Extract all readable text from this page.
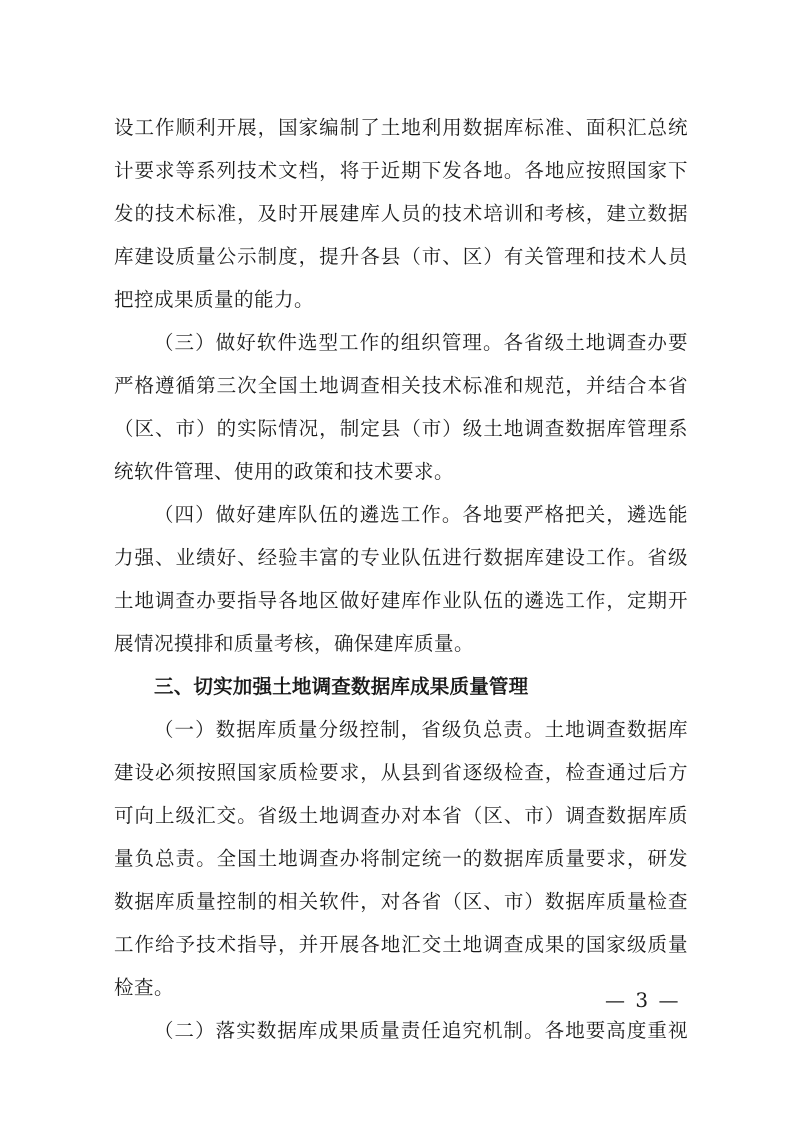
设工作顺利开展，国家编制了土地利用数据库标准、面积汇总统
计要求等系列技术文档，将于近期下发各地。各地应按照国家下
发的技术标准，及时开展建库人员的技术培训和考核，建立数据
库建设质量公示制度，提升各县（市、区）有关管理和技术人员
把控成果质量的能力。
（三）做好软件选型工作的组织管理。各省级土地调查办要
严格遵循第三次全国土地调查相关技术标准和规范，并结合本省
（区、市）的实际情况，制定县（市）级土地调查数据库管理系
统软件管理、使用的政策和技术要求。
（四）做好建库队伍的遴选工作。各地要严格把关，遴选能
力强、业绩好、经验丰富的专业队伍进行数据库建设工作。省级
土地调查办要指导各地区做好建库作业队伍的遴选工作，定期开
展情况摸排和质量考核，确保建库质量。
三、切实加强土地调查数据库成果质量管理
（一）数据库质量分级控制，省级负总责。土地调查数据库
建设必须按照国家质检要求，从县到省逐级检查，检查通过后方
可向上级汇交。省级土地调查办对本省（区、市）调查数据库质
量负总责。全国土地调查办将制定统一的数据库质量要求，研发
数据库质量控制的相关软件，对各省（区、市）数据库质量检查
工作给予技术指导，并开展各地汇交土地调查成果的国家级质量
检查。
（二）落实数据库成果质量责任追究机制。各地要高度重视
— 3 —
